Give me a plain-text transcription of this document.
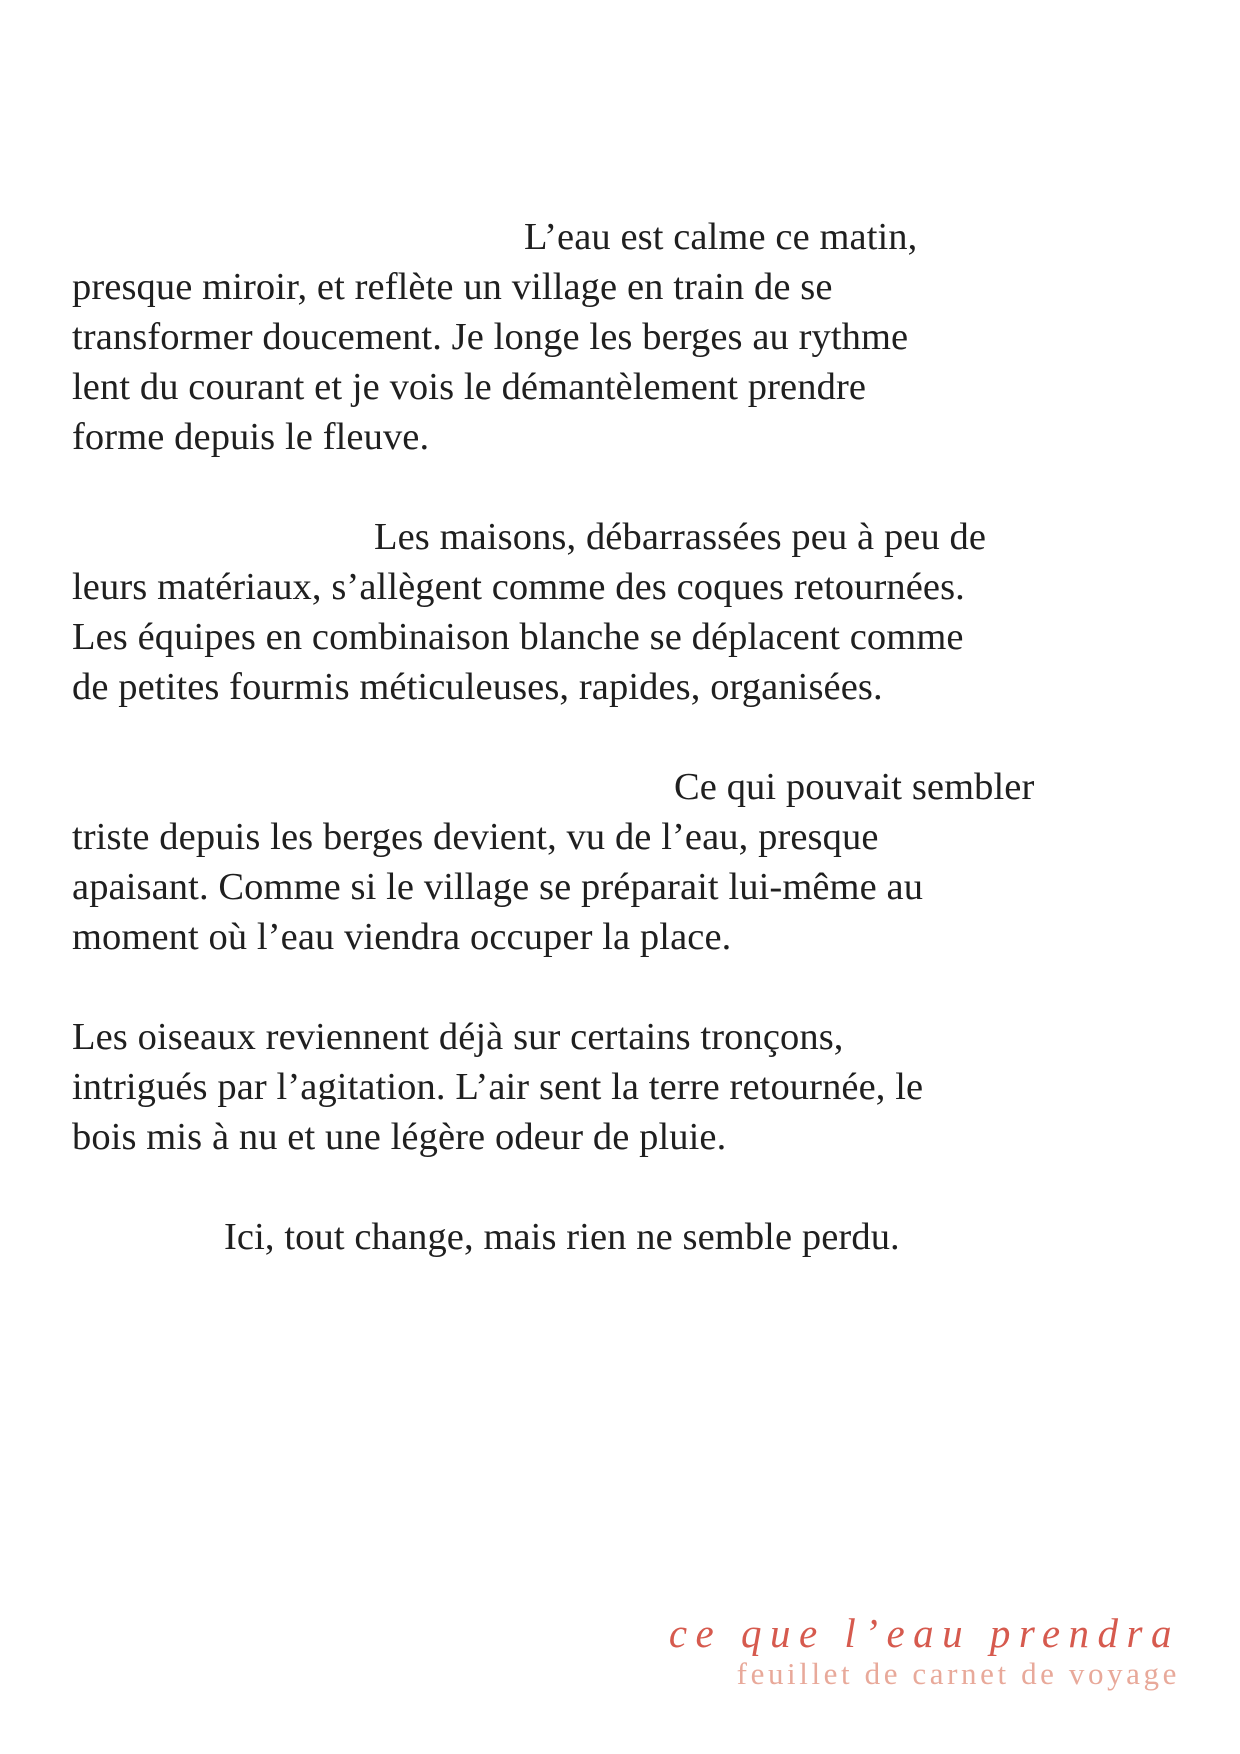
L’eau est calme ce matin,
presque miroir, et reflète un village en train de se
transformer doucement. Je longe les berges au rythme
lent du courant et je vois le démantèlement prendre
forme depuis le fleuve.
Les maisons, débarrassées peu à peu de
leurs matériaux, s’allègent comme des coques retournées.
Les équipes en combinaison blanche se déplacent comme
de petites fourmis méticuleuses, rapides, organisées.
Ce qui pouvait sembler
triste depuis les berges devient, vu de l’eau, presque
apaisant. Comme si le village se préparait lui-même au
moment où l’eau viendra occuper la place.
Les oiseaux reviennent déjà sur certains tronçons,
intrigués par l’agitation. L’air sent la terre retournée, le
bois mis à nu et une légère odeur de pluie.
Ici, tout change, mais rien ne semble perdu.
ce que l’eau prendra
feuillet de carnet de voyage
